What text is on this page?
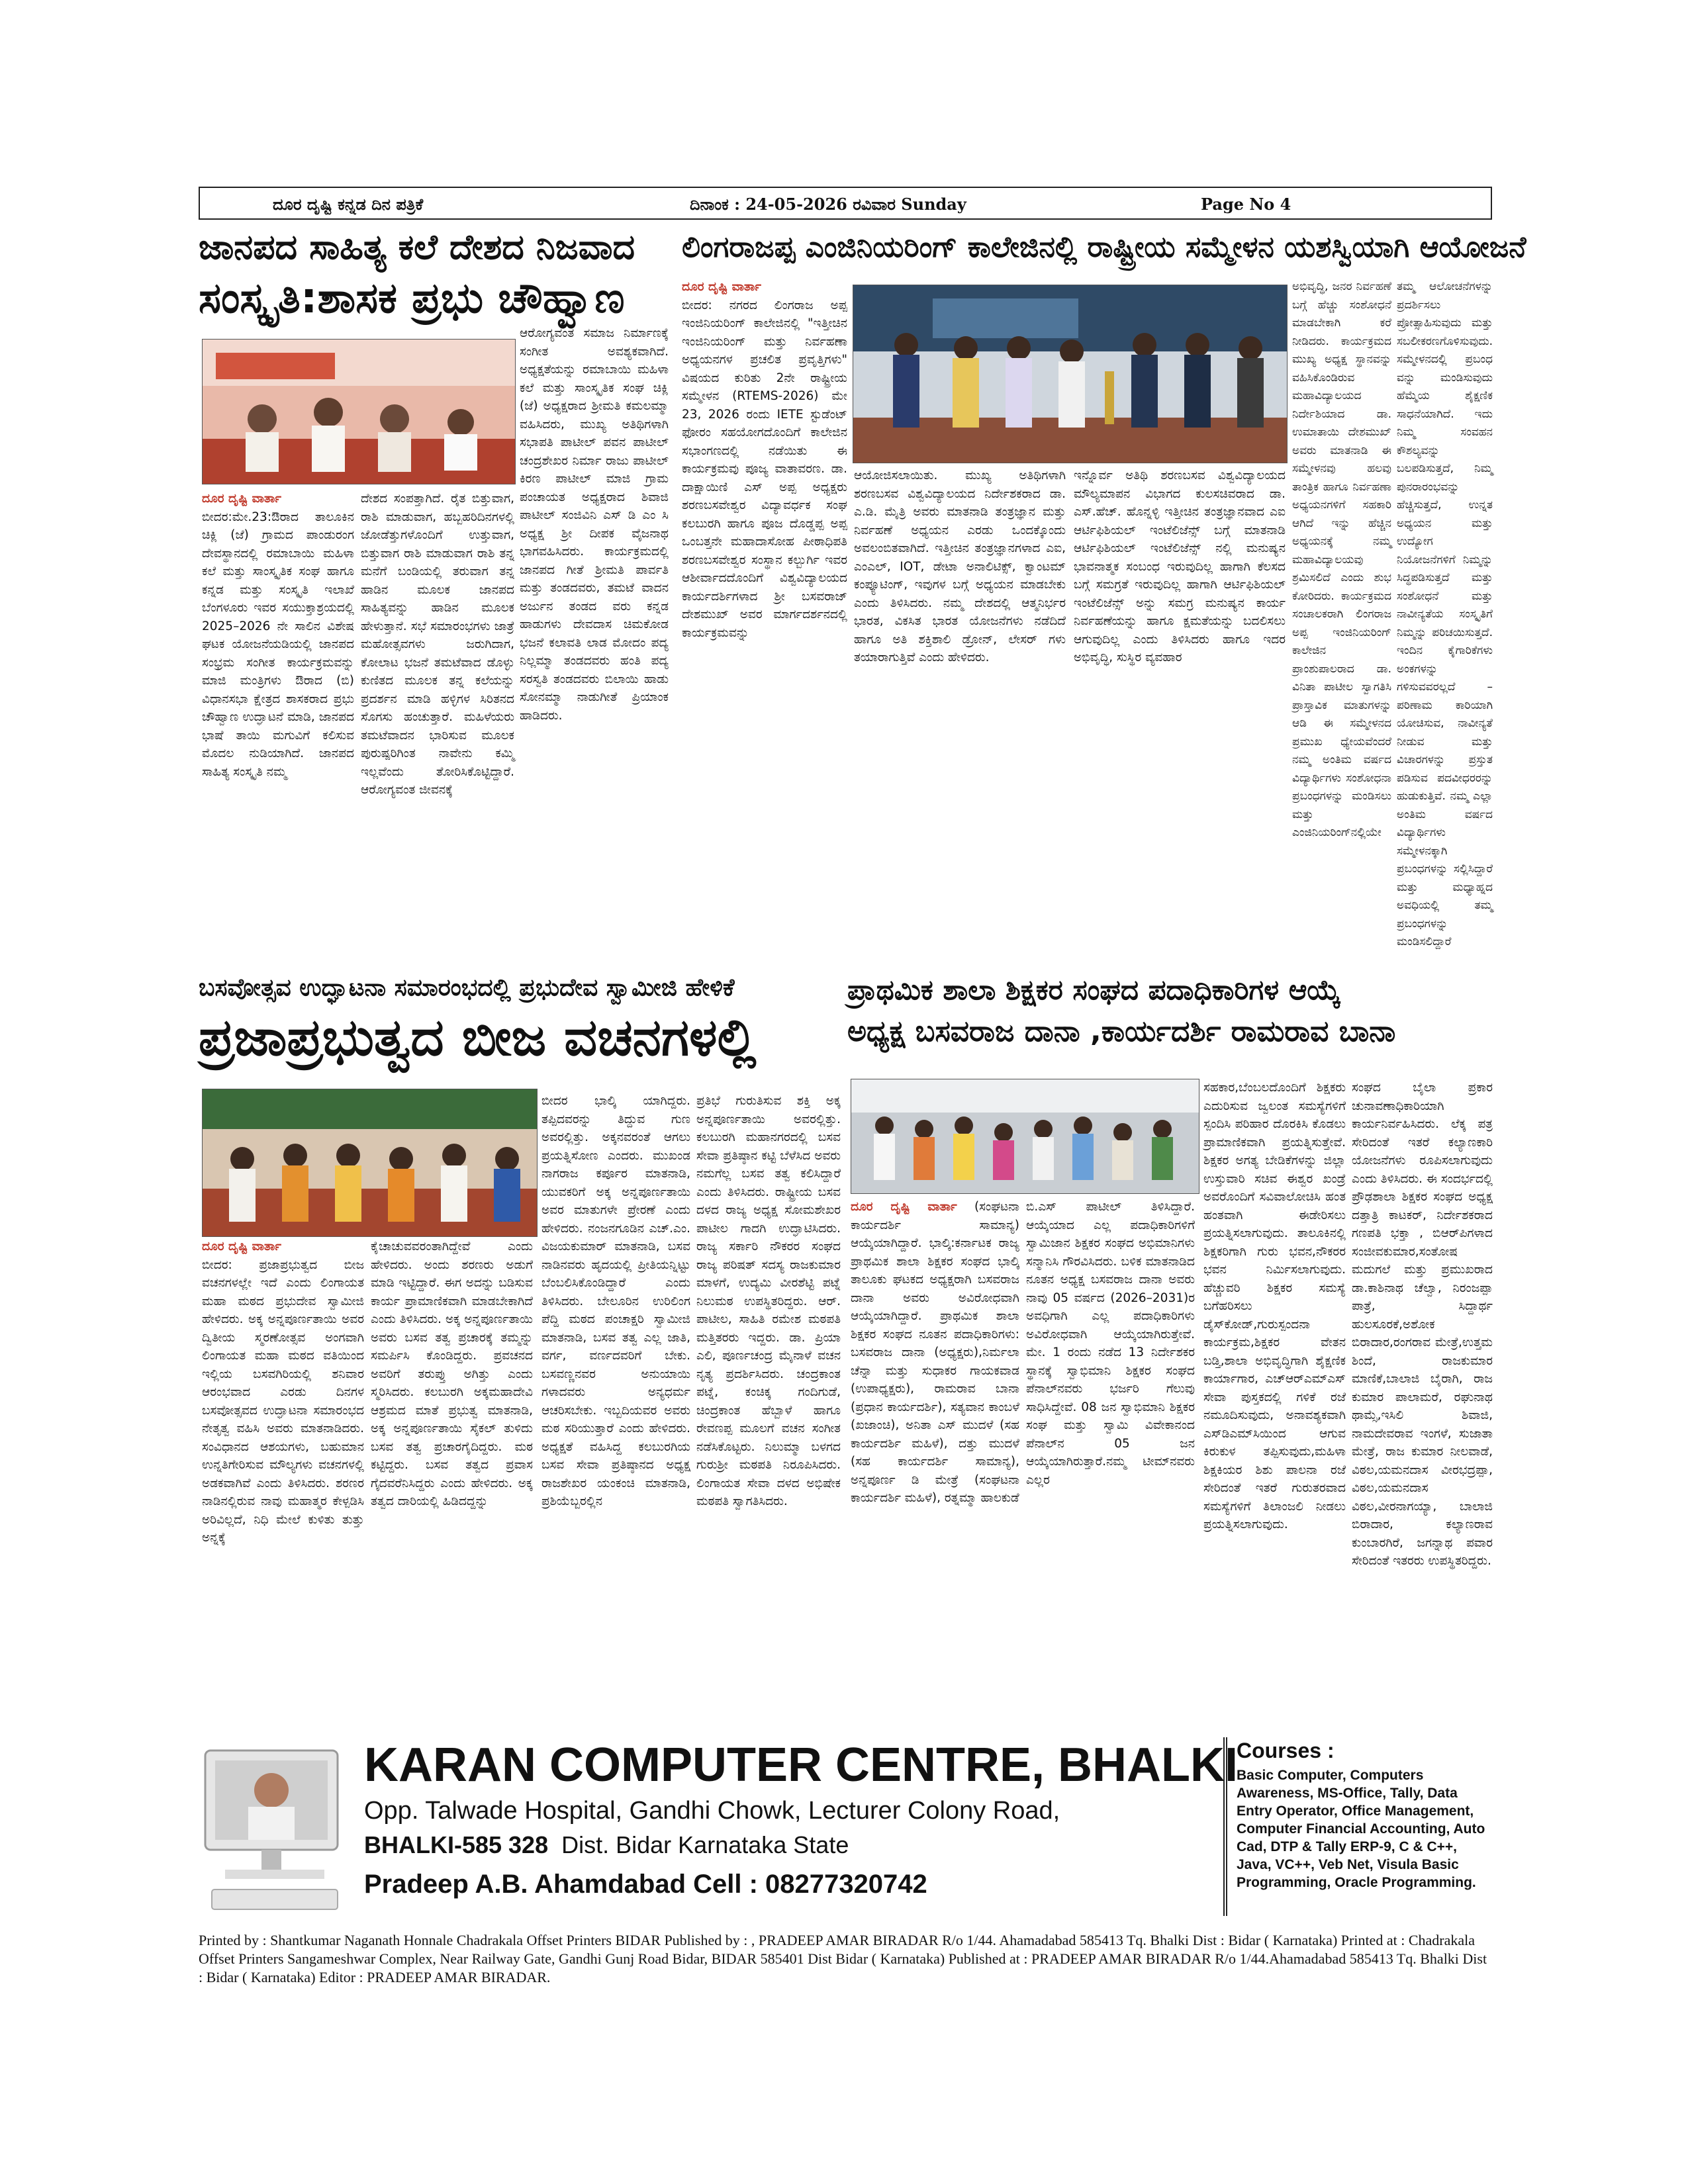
ದೂರ ದೃಷ್ಟಿ ಕನ್ನಡ ದಿನ ಪತ್ರಿಕೆ	ದಿನಾಂಕ : 24-05-2026 ರವಿವಾರ Sunday	Page No 4
ಜಾನಪದ ಸಾಹಿತ್ಯ ಕಲೆ ದೇಶದ ನಿಜವಾದ
ಸಂಸ್ಕೃತಿ:ಶಾಸಕ ಪ್ರಭು ಚೌಹ್ವಾಣ

ಆರೋಗ್ಯವಂತ ಸಮಾಜ ನಿರ್ಮಾಣಕ್ಕೆ ಸಂಗೀತ ಅವಶ್ಯಕವಾಗಿದೆ. ಅಧ್ಯಕ್ಷತೆಯನ್ನು ರಮಾಬಾಯಿ ಮಹಿಳಾ ಕಲೆ ಮತ್ತು ಸಾಂಸ್ಕೃತಿಕ ಸಂಘ ಚಿಕ್ಲಿ (ಜೆ) ಅಧ್ಯಕ್ಷರಾದ ಶ್ರೀಮತಿ ಕಮಲಮ್ಮಾ ವಹಿಸಿದರು, ಮುಖ್ಯ ಅತಿಥಿಗಳಾಗಿ ಸಭಾಪತಿ ಪಾಟೀಲ್ ಪವನ ಪಾಟೀಲ್ ಚಂದ್ರಶೇಖರ ನಿರ್ಮಾ ರಾಜು ಪಾಟೀಲ್ ಕಿರಣ ಪಾಟೀಲ್ ಮಾಜಿ ಗ್ರಾಮ ಪಂಚಾಯತ ಅಧ್ಯಕ್ಷರಾದ ಶಿವಾಜಿ ಪಾಟೀಲ್ ಸಂಜಿವಿನಿ ಎಸ್ ಡಿ ಎಂ ಸಿ ಅಧ್ಯಕ್ಷ ಶ್ರೀ ದೀಪಕ ವೈಜನಾಥ ಭಾಗವಹಿಸಿದರು. ಕಾರ್ಯಕ್ರಮದಲ್ಲಿ ಜಾನಪದ ಗೀತೆ ಶ್ರೀಮತಿ ಪಾರ್ವತಿ ಮತ್ತು ತಂಡದವರು, ತಮಟೆ ವಾದನ ಅರ್ಜುನ ತಂಡದ ವರು ಕನ್ನಡ ಹಾಡುಗಳು ದೇವದಾಸ ಚಿಮಕೋಡ ಭಜನೆ ಕಲಾವತಿ ಲಾಡ ಮೋದಂ ಪದ್ಯ ನಿಲ್ಲಮ್ಮಾ ತಂಡದವರು ಹಂತಿ ಪದ್ಯ ಸರಸ್ವತಿ ತಂಡದವರು ಬಿಲಾಯಿ ಹಾಡು ಸೋನಮ್ಮಾ ನಾಡುಗೀತೆ ಪ್ರಿಯಾಂಕ ಹಾಡಿದರು.

ದೂರ ದೃಷ್ಟಿ ವಾರ್ತಾ
ಬೀದರ:ಮೇ.23:ಔರಾದ ತಾಲೂಕಿನ ಚಿಕ್ಲಿ (ಜೆ) ಗ್ರಾಮದ ಪಾಂಡುರಂಗ ದೇವಸ್ಥಾನದಲ್ಲಿ ರಮಾಬಾಯಿ ಮಹಿಳಾ ಕಲೆ ಮತ್ತು ಸಾಂಸ್ಕೃತಿಕ ಸಂಘ ಹಾಗೂ ಕನ್ನಡ ಮತ್ತು ಸಂಸ್ಕೃತಿ ಇಲಾಖೆ ಬೆಂಗಳೂರು ಇವರ ಸಯುಕ್ತಾಶ್ರಯದಲ್ಲಿ 2025–2026 ನೇ ಸಾಲಿನ ವಿಶೇಷ ಘಟಕ ಯೋಜನೆಯಡಿಯಲ್ಲಿ ಜಾನಪದ ಸಂಭ್ರಮ ಸಂಗೀತ ಕಾರ್ಯಕ್ರಮವನ್ನು ಮಾಜಿ ಮಂತ್ರಿಗಳು ಔರಾದ (ಬಿ) ವಿಧಾನಸಭಾ ಕ್ಷೇತ್ರದ ಶಾಸಕರಾದ ಪ್ರಭು ಚೌಹ್ವಾಣ ಉದ್ಘಾಟನೆ ಮಾಡಿ, ಜಾನಪದ ಭಾಷೆ ತಾಯಿ ಮಗುವಿಗೆ ಕಲಿಸುವ ಮೊದಲ ನುಡಿಯಾಗಿದೆ. ಜಾನಪದ ಸಾಹಿತ್ಯ ಸಂಸ್ಕೃತಿ ನಮ್ಮ

ದೇಶದ ಸಂಪತ್ತಾಗಿದೆ. ರೈತ ಬಿತ್ತುವಾಗ, ರಾಶಿ ಮಾಡುವಾಗ, ಹಬ್ಬಹರಿದಿನಗಳಲ್ಲಿ ಜೋಡೆತ್ತುಗಳೊಂದಿಗೆ ಉತ್ತುವಾಗ, ಬಿತ್ತುವಾಗ ರಾಶಿ ಮಾಡುವಾಗ ರಾಶಿ ತನ್ನ ಮನೆಗೆ ಬಂಡಿಯಲ್ಲಿ ತರುವಾಗ ತನ್ನ ಹಾಡಿನ ಮೂಲಕ ಜಾನಪದ ಸಾಹಿತ್ಯವನ್ನು ಹಾಡಿನ ಮೂಲಕ ಹೇಳುತ್ತಾನೆ. ಸಭೆ ಸಮಾರಂಭಗಳು ಜಾತ್ರೆ ಮಹೋತ್ಸವಗಳು ಜರುಗಿದಾಗ, ಕೋಲಾಟ ಭಜನೆ ತಮಟೆವಾದ ಡೊಳ್ಳು ಕುಣಿತದ ಮೂಲಕ ತನ್ನ ಕಲೆಯನ್ನು ಪ್ರದರ್ಶನ ಮಾಡಿ ಹಳ್ಳಿಗಳ ಸಿರಿತನದ ಸೊಗಸು ಹಂಚುತ್ತಾರೆ. ಮಹಿಳೆಯರು ತಮಟೆವಾದನ ಭಾರಿಸುವ ಮೂಲಕ ಪುರುಷ್ಪರಿಗಿಂತ ನಾವೇನು ಕಮ್ಮಿ ಇಲ್ಲವೆಂದು ತೋರಿಸಿಕೊಟ್ಟಿದ್ದಾರೆ. ಆರೋಗ್ಯವಂತ ಜೀವನಕ್ಕೆ

ಲಿಂಗರಾಜಪ್ಪ ಎಂಜಿನಿಯರಿಂಗ್ ಕಾಲೇಜಿನಲ್ಲಿ ರಾಷ್ಟ್ರೀಯ ಸಮ್ಮೇಳನ ಯಶಸ್ವಿಯಾಗಿ ಆಯೋಜನೆ

ದೂರ ದೃಷ್ಟಿ ವಾರ್ತಾ
ಬೀದರ: ನಗರದ ಲಿಂಗರಾಜ ಅಪ್ಪ ಇಂಜಿನಿಯರಿಂಗ್ ಕಾಲೇಜಿನಲ್ಲಿ "ಇತ್ತೀಚಿನ ಇಂಜಿನಿಯರಿಂಗ್ ಮತ್ತು ನಿರ್ವಹಣಾ ಅಧ್ಯಯನಗಳ ಪ್ರಚಲಿತ ಪ್ರವೃತ್ತಿಗಳು" ವಿಷಯದ ಕುರಿತು 2ನೇ ರಾಷ್ಟ್ರೀಯ ಸಮ್ಮೇಳನ (RTEMS-2026) ಮೇ 23, 2026 ರಂದು IETE ಸ್ಟುಡೆಂಟ್ ಫೋರಂ ಸಹಯೋಗದೊಂದಿಗೆ ಕಾಲೇಜಿನ ಸಭಾಂಗಣದಲ್ಲಿ ನಡೆಯಿತು ಈ ಕಾರ್ಯಕ್ರಮವು ಪೂಜ್ಯ ವಾತಾವರಣ. ಡಾ. ದಾಕ್ಷಾಯಿಣಿ ಎಸ್ ಅಪ್ಪ ಅಧ್ಯಕ್ಷರು ಶರಣಬಸವೇಶ್ವರ ವಿದ್ಯಾವರ್ಧಕ ಸಂಘ ಕಲಬುರಗಿ ಹಾಗೂ ಪೂಜ ದೊಡ್ಡಪ್ಪ ಅಪ್ಪ ಒಂಬತ್ತನೇ ಮಹಾದಾಸೋಹ ಪೀಠಾಧಿಪತಿ ಶರಣಬಸವೇಶ್ವರ ಸಂಸ್ಥಾನ ಕಲ್ಬುರ್ಗಿ ಇವರ ಆಶೀರ್ವಾದದೊಂದಿಗೆ ವಿಶ್ವವಿದ್ಯಾಲಯದ ಕಾರ್ಯದರ್ಶಿಗಳಾದ ಶ್ರೀ ಬಸವರಾಜ್ ದೇಶಮುಖ್ ಅವರ ಮಾರ್ಗದರ್ಶನದಲ್ಲಿ ಕಾರ್ಯಕ್ರಮವನ್ನು

ಆಯೋಜಿಸಲಾಯಿತು. ಮುಖ್ಯ ಅತಿಥಿಗಳಾಗಿ ಶರಣಬಸವ ವಿಶ್ವವಿದ್ಯಾಲಯದ ನಿರ್ದೇಶಕರಾದ ಡಾ. ಎ.ಡಿ. ಮೈತ್ರಿ ಅವರು ಮಾತನಾಡಿ ತಂತ್ರಜ್ಞಾನ ಮತ್ತು ನಿರ್ವಹಣೆ ಅಧ್ಯಯನ ಎರಡು ಒಂದಕ್ಕೊಂದು ಅವಲಂಬಿತವಾಗಿದೆ. ಇತ್ತೀಚಿನ ತಂತ್ರಜ್ಞಾನಗಳಾದ ಎಐ, ಎಂಎಲ್, IOT, ಡೇಟಾ ಅನಾಲಿಟಿಕ್ಸ್, ಕ್ವಾಂಟಮ್ ಕಂಪ್ಯೂಟಿಂಗ್, ಇವುಗಳ ಬಗ್ಗೆ ಅಧ್ಯಯನ ಮಾಡಬೇಕು ಎಂದು ತಿಳಿಸಿದರು. ನಮ್ಮ ದೇಶದಲ್ಲಿ ಆತ್ಮನಿರ್ಭರ ಭಾರತ, ವಿಕಸಿತ ಭಾರತ ಯೋಜನೆಗಳು ನಡೆದಿದೆ ಹಾಗೂ ಅತಿ ಶಕ್ತಿಶಾಲಿ ಡ್ರೋನ್, ಲೇಸರ್ ಗಳು ತಯಾರಾಗುತ್ತಿವೆ ಎಂದು ಹೇಳಿದರು.

ಇನ್ನೊರ್ವ ಅತಿಥಿ ಶರಣಬಸವ ವಿಶ್ವವಿದ್ಯಾಲಯದ ಮೌಲ್ಯಮಾಪನ ವಿಭಾಗದ ಕುಲಸಚಿವರಾದ ಡಾ. ಎಸ್.ಹೆಚ್. ಹೊನ್ನಳ್ಳಿ ಇತ್ತೀಚಿನ ತಂತ್ರಜ್ಞಾನವಾದ ಎಐ ಆರ್ಟಿಫಿಶಿಯಲ್ ಇಂಟೆಲಿಜೆನ್ಸ್ ಬಗ್ಗೆ ಮಾತನಾಡಿ ಆರ್ಟಿಫಿಶಿಯಲ್ ಇಂಟೆಲಿಜೆನ್ಸ್ ನಲ್ಲಿ ಮನುಷ್ಯನ ಭಾವನಾತ್ಮಕ ಸಂಬಂಧ ಇರುವುದಿಲ್ಲ ಹಾಗಾಗಿ ಕೆಲಸದ ಬಗ್ಗೆ ಸಮಗ್ರತೆ ಇರುವುದಿಲ್ಲ ಹಾಗಾಗಿ ಆರ್ಟಿಫಿಶಿಯಲ್ ಇಂಟೆಲಿಜೆನ್ಸ್ ಅನ್ನು ಸಮಗ್ರ ಮನುಷ್ಯನ ಕಾರ್ಯ ನಿರ್ವಹಣೆಯನ್ನು ಹಾಗೂ ಕ್ಷಮತೆಯನ್ನು ಬದಲಿಸಲು ಆಗುವುದಿಲ್ಲ ಎಂದು ತಿಳಿಸಿದರು ಹಾಗೂ ಇದರ ಅಭಿವೃದ್ಧಿ, ಸುಸ್ಥಿರ ವ್ಯವಹಾರ

ಅಭಿವೃದ್ಧಿ, ಜನರ ನಿರ್ವಹಣೆ ಬಗ್ಗೆ ಹೆಚ್ಚು ಸಂಶೋಧನೆ ಮಾಡಬೇಕಾಗಿ ಕರೆ ನೀಡಿದರು. ಕಾರ್ಯಕ್ರಮದ ಮುಖ್ಯ ಅಧ್ಯಕ್ಷ ಸ್ಥಾನವನ್ನು ವಹಿಸಿಕೊಂಡಿರುವ ಮಹಾವಿದ್ಯಾಲಯದ ನಿರ್ದೇಶಿಯಾದ ಡಾ. ಉಮಾತಾಯಿ ದೇಶಮುಖ್ ಅವರು ಮಾತನಾಡಿ ಈ ಸಮ್ಮೇಳನವು ಹಲವು ತಾಂತ್ರಿಕ ಹಾಗೂ ನಿರ್ವಹಣಾ ಅಧ್ಯಯನಗಳಿಗೆ ಸಹಕಾರಿ ಆಗಿದೆ ಇನ್ನು ಹೆಚ್ಚಿನ ಅಧ್ಯಯನಕ್ಕೆ ನಮ್ಮ ಮಹಾವಿದ್ಯಾಲಯವು ಶ್ರಮಿಸಲಿದೆ ಎಂದು ಶುಭ ಕೋರಿದರು. ಕಾರ್ಯಕ್ರಮದ ಸಂಚಾಲಕರಾಗಿ ಲಿಂಗರಾಜ ಅಪ್ಪ ಇಂಜಿನಿಯರಿಂಗ್ ಕಾಲೇಜಿನ ಪ್ರಾಂಶುಪಾಲರಾದ ಡಾ. ವಿನಿತಾ ಪಾಟೀಲ ಸ್ವಾಗತಿಸಿ ಪ್ರಾಸ್ತಾವಿಕ ಮಾತುಗಳನ್ನು ಆಡಿ ಈ ಸಮ್ಮೇಳನದ ಪ್ರಮುಖ ಧ್ಯೇಯವೆಂದರೆ ನಮ್ಮ ಅಂತಿಮ ವರ್ಷದ ವಿದ್ಯಾರ್ಥಿಗಳು ಸಂಶೋಧನಾ ಪ್ರಬಂಧಗಳನ್ನು ಮಂಡಿಸಲು ಮತ್ತು ಎಂಜಿನಿಯರಿಂಗ್‌ನಲ್ಲಿಯೇ

ತಮ್ಮ ಆಲೋಚನೆಗಳನ್ನು ಪ್ರದರ್ಶಿಸಲು ಪ್ರೋತ್ಸಾಹಿಸುವುದು ಮತ್ತು ಸಬಲೀಕರಣಗೊಳಿಸುವುದು. ಸಮ್ಮೇಳನದಲ್ಲಿ ಪ್ರಬಂಧ ವನ್ನು ಮಂಡಿಸುವುದು ಹೆಮ್ಮೆಯ ಶೈಕ್ಷಣಿಕ ಸಾಧನೆಯಾಗಿದೆ. ಇದು ನಿಮ್ಮ ಸಂವಹನ ಕೌಶಲ್ಯವನ್ನು ಬಲಪಡಿಸುತ್ತದೆ, ನಿಮ್ಮ ಪುನರಾರಂಭವನ್ನು ಹೆಚ್ಚಿಸುತ್ತದೆ, ಉನ್ನತ ಅಧ್ಯಯನ ಮತ್ತು ಉದ್ಯೋಗ ನಿಯೋಜನೆಗಳಿಗೆ ನಿಮ್ಮನ್ನು ಸಿದ್ಧಪಡಿಸುತ್ತದೆ ಮತ್ತು ಸಂಶೋಧನೆ ಮತ್ತು ನಾವೀನ್ಯತೆಯ ಸಂಸ್ಕೃತಿಗೆ ನಿಮ್ಮನ್ನು ಪರಿಚಯಿಸುತ್ತದೆ. ಇಂದಿನ ಕೈಗಾರಿಕೆಗಳು ಅಂಕಗಳನ್ನು ಗಳಿಸುವವರಲ್ಲದೆ – ಪರಿಣಾಮ ಕಾರಿಯಾಗಿ ಯೋಚಿಸುವ, ನಾವೀನ್ಯತೆ ನೀಡುವ ಮತ್ತು ವಿಚಾರಗಳನ್ನು ಪ್ರಸ್ತುತ ಪಡಿಸುವ ಪದವೀಧರರನ್ನು ಹುಡುಕುತ್ತಿವೆ. ನಮ್ಮ ಎಲ್ಲಾ ಅಂತಿಮ ವರ್ಷದ ವಿದ್ಯಾರ್ಥಿಗಳು ಸಮ್ಮೇಳನಕ್ಕಾಗಿ ಪ್ರಬಂಧಗಳನ್ನು ಸಲ್ಲಿಸಿದ್ದಾರೆ ಮತ್ತು ಮಧ್ಯಾಹ್ನದ ಅವಧಿಯಲ್ಲಿ ತಮ್ಮ ಪ್ರಬಂಧಗಳನ್ನು ಮಂಡಿಸಲಿದ್ದಾರೆ

ಬಸವೋತ್ಸವ ಉದ್ಘಾಟನಾ ಸಮಾರಂಭದಲ್ಲಿ ಪ್ರಭುದೇವ ಸ್ವಾಮೀಜಿ ಹೇಳಿಕೆ
ಪ್ರಜಾಪ್ರಭುತ್ವದ ಬೀಜ ವಚನಗಳಲ್ಲಿ

ದೂರ ದೃಷ್ಟಿ ವಾರ್ತಾ
ಬೀದರ: ಪ್ರಜಾಪ್ರಭುತ್ವದ ಬೀಜ ವಚನಗಳಲ್ಲೇ ಇದೆ ಎಂದು ಲಿಂಗಾಯತ ಮಹಾ ಮಠದ ಪ್ರಭುದೇವ ಸ್ವಾಮೀಜಿ ಹೇಳಿದರು. ಅಕ್ಕ ಅನ್ನಪೂರ್ಣತಾಯಿ ಅವರ ದ್ವಿತೀಯ ಸ್ಮರಣೋತ್ಸವ ಅಂಗವಾಗಿ ಲಿಂಗಾಯತ ಮಹಾ ಮಠದ ವತಿಯಿಂದ ಇಲ್ಲಿಯ ಬಸವಗಿರಿಯಲ್ಲಿ ಶನಿವಾರ ಆರಂಭವಾದ ಎರಡು ದಿನಗಳ ಬಸವೋತ್ಸವದ ಉದ್ಘಾಟನಾ ಸಮಾರಂಭದ ನೇತೃತ್ವ ವಹಿಸಿ ಅವರು ಮಾತನಾಡಿದರು. ಸಂವಿಧಾನದ ಆಶಯಗಳು, ಬಹುಮಾನ ಉನ್ನತಿಗೇರಿಸುವ ಮೌಲ್ಯಗಳು ವಚನಗಳಲ್ಲಿ ಅಡಕವಾಗಿವೆ ಎಂದು ತಿಳಿಸಿದರು. ಶರಣರ ನಾಡಿನಲ್ಲಿರುವ ನಾವು ಮಹಾತ್ಮರ ಕೇಳ್ಪಡಿಸಿ ಅರಿವಿಲ್ಲದೆ, ನಿಧಿ ಮೇಲೆ ಕುಳಿತು ತುತ್ತು ಅನ್ನಕ್ಕೆ

ಕೈಚಾಚುವವರಂತಾಗಿದ್ದೇವೆ ಎಂದು ಹೇಳಿದರು. ಅಂದು ಶರಣರು ಅಡುಗೆ ಮಾಡಿ ಇಟ್ಟಿದ್ದಾರೆ. ಈಗ ಅದನ್ನು ಬಡಿಸುವ ಕಾರ್ಯ ಪ್ರಾಮಾಣಿಕವಾಗಿ ಮಾಡಬೇಕಾಗಿದೆ ಎಂದು ತಿಳಿಸಿದರು. ಅಕ್ಕ ಅನ್ನಪೂರ್ಣತಾಯಿ ಅವರು ಬಸವ ತತ್ವ ಪ್ರಚಾರಕ್ಕೆ ತಮ್ಮನ್ನು ಸಮರ್ಪಿಸಿ ಕೊಂಡಿದ್ದರು. ಪ್ರವಚನದ ಅವರಿಗೆ ತರುಪ್ತು ಅಗಿತ್ತು ಎಂದು ಸ್ಮರಿಸಿದರು. ಕಲಬುರಗಿ ಅಕ್ಕಮಹಾದೇವಿ ಆಶ್ರಮದ ಮಾತೆ ಪ್ರಭುತ್ವ ಮಾತನಾಡಿ, ಅಕ್ಕ ಅನ್ನಪೂರ್ಣತಾಯಿ ಸೈಕಲ್ ತುಳಿದು ಬಸವ ತತ್ವ ಪ್ರಚಾರಗೈದಿದ್ದರು. ಮಠ ಕಟ್ಟಿದ್ದರು. ಬಸವ ತತ್ವದ ಪ್ರವಾಸ ಗೈದವರೆನಿಸಿದ್ದರು ಎಂದು ಹೇಳಿದರು. ಅಕ್ಕ ತತ್ವದ ದಾರಿಯಲ್ಲಿ ಹಿಡಿದದ್ದನ್ನು

ಬೀದರ ಭಾಲ್ಕಿ ಯಾಗಿದ್ದರು. ತಪ್ಪಿದವರನ್ನು ತಿದ್ದುವ ಗುಣ ಅವರಲ್ಲಿತ್ತು. ಅಕ್ಕನವರಂತೆ ಆಗಲು ಪ್ರಯತ್ನಿಸೋಣ ಎಂದರು. ಮುಖಂಡ ನಾಗರಾಜ ಕರ್ಪೂರ ಮಾತನಾಡಿ, ಯುವಕರಿಗೆ ಅಕ್ಕ ಅನ್ನಪೂರ್ಣತಾಯಿ ಅವರ ಮಾತುಗಳೇ ಪ್ರೇರಣೆ ಎಂದು ಹೇಳಿದರು. ನಂಜನಗೂಡಿನ ಎಚ್.ಎಂ. ವಿಜಯಕುಮಾರ್ ಮಾತನಾಡಿ, ಬಸವ ನಾಡಿನವರು ಹೃದಯಲ್ಲಿ ಪ್ರೀತಿಯನ್ನಿಟ್ಟು ಬೆಂಬಲಿಸಿಕೊಂಡಿದ್ದಾರೆ ಎಂದು ತಿಳಿಸಿದರು. ಬೇಲೂರಿನ ಉರಿಲಿಂಗ ಪೆದ್ದಿ ಮಠದ ಪಂಚಾಕ್ಷರಿ ಸ್ವಾಮೀಜಿ ಮಾತನಾಡಿ, ಬಸವ ತತ್ವ ಎಲ್ಲ ಜಾತಿ, ವರ್ಗ, ವರ್ಣದವರಿಗೆ ಬೇಕು. ಬಸವಣ್ಣನವರ ಅನುಯಾಯಿ ಗಳಾದವರು ಅನ್ಯಧರ್ಮ ಆಚರಿಸಬೇಕು. ಇಬ್ಬದಿಯವರ ಅವರು ಮಠ ಸರಿಯುತ್ತಾರೆ ಎಂದು ಹೇಳಿದರು. ಅಧ್ಯಕ್ಷತೆ ವಹಿಸಿದ್ದ ಕಲಬುರಗಿಯ ಬಸವ ಸೇವಾ ಪ್ರತಿಷ್ಠಾನದ ಅಧ್ಯಕ್ಷ ರಾಜಶೇಖರ ಯಂಕಂಚಿ ಮಾತನಾಡಿ, ಪ್ರಶಿಯೆಬ್ಬರಲ್ಲಿನ

ಪ್ರತಿಭೆ ಗುರುತಿಸುವ ಶಕ್ತಿ ಅಕ್ಕ ಅನ್ನಪೂರ್ಣತಾಯಿ ಅವರಲ್ಲಿತ್ತು. ಕಲಬುರಗಿ ಮಹಾನಗರದಲ್ಲಿ ಬಸವ ಸೇವಾ ಪ್ರತಿಷ್ಠಾನ ಕಟ್ಟಿ ಬೆಳೆಸಿದ ಅವರು ನಮಗೆಲ್ಲ ಬಸವ ತತ್ವ ಕಲಿಸಿದ್ದಾರೆ ಎಂದು ತಿಳಿಸಿದರು. ರಾಷ್ಟ್ರೀಯ ಬಸವ ದಳದ ರಾಜ್ಯ ಅಧ್ಯಕ್ಷ ಸೋಮಶೇಖರ ಪಾಟೀಲ ಗಾದಗಿ ಉದ್ಘಾಟಿಸಿದರು. ರಾಜ್ಯ ಸರ್ಕಾರಿ ನೌಕರರ ಸಂಘದ ರಾಜ್ಯ ಪರಿಷತ್ ಸದಸ್ಯ ರಾಜಕುಮಾರ ಮಾಳಗೆ, ಉದ್ಯಮಿ ವೀರಶೆಟ್ಟಿ ಪಟ್ನೆ ನಿಲುಮಠ ಉಪಸ್ಥಿತರಿದ್ದರು. ಆರ್. ಪಾಟೀಲ, ಸಾಹಿತಿ ರಮೇಶ ಮಠಪತಿ ಮತ್ತಿತರರು ಇದ್ದರು. ಡಾ. ಪ್ರಿಯಾ ಎಲಿ, ಪೂರ್ಣಚಂದ್ರ ಮೈನಾಳೆ ವಚನ ನೃತ್ಯ ಪ್ರದರ್ಶಿಸಿದರು. ಚಂದ್ರಕಾಂತ ಪಟ್ನೆ, ಕಂಚಿಕ್ಕ ಗಂದಿಗುಡೆ, ಚಿಂದ್ರಕಾಂತ ಹೆಬ್ಬಾಳೆ ಹಾಗೂ ರೇವಣಪ್ಪ ಮೂಲಗೆ ವಚನ ಸಂಗೀತ ನಡೆಸಿಕೊಟ್ಟರು. ನಿಲುಮ್ಮಾ ಬಳಗದ ಗುರುಶ್ರೀ ಮಠಪತಿ ನಿರೂಪಿಸಿದರು. ಲಿಂಗಾಯತ ಸೇವಾ ದಳದ ಅಭಿಷೇಕ ಮಠಪತಿ ಸ್ವಾಗತಿಸಿದರು.

ಪ್ರಾಥಮಿಕ ಶಾಲಾ ಶಿಕ್ಷಕರ ಸಂಘದ ಪದಾಧಿಕಾರಿಗಳ ಆಯ್ಕೆ
ಅಧ್ಯಕ್ಷ ಬಸವರಾಜ ದಾನಾ ,ಕಾರ್ಯದರ್ಶಿ ರಾಮರಾವ ಬಾನಾ

ದೂರ ದೃಷ್ಟಿ ವಾರ್ತಾ (ಸಂಘಟನಾ ಕಾರ್ಯದರ್ಶಿ ಸಾಮಾನ್ಯ) ಆಯ್ಕೆಯಾಗಿದ್ದಾರೆ. ಭಾಲ್ಕಿ:ಕರ್ನಾಟಕ ರಾಜ್ಯ ಪ್ರಾಥಮಿಕ ಶಾಲಾ ಶಿಕ್ಷಕರ ಸಂಘದ ಭಾಲ್ಕಿ ತಾಲೂಕು ಘಟಕದ ಅಧ್ಯಕ್ಷರಾಗಿ ಬಸವರಾಜ ದಾನಾ ಅವರು ಅವಿರೋಧವಾಗಿ ಆಯ್ಕೆಯಾಗಿದ್ದಾರೆ. ಪ್ರಾಥಮಿಕ ಶಾಲಾ ಶಿಕ್ಷಕರ ಸಂಘದ ನೂತನ ಪದಾಧಿಕಾರಿಗಳು: ಬಸವರಾಜ ದಾನಾ (ಅಧ್ಯಕ್ಷರು),ನಿರ್ಮಲಾ ಚೆನ್ನಾ ಮತ್ತು ಸುಧಾಕರ ಗಾಯಕವಾಡ (ಉಪಾಧ್ಯಕ್ಷರು), ರಾಮರಾವ ಬಾನಾ (ಪ್ರಧಾನ ಕಾರ್ಯದರ್ಶಿ), ಸತ್ಯವಾನ ಕಾಂಬಳೆ (ಖಜಾಂಚಿ), ಅನಿತಾ ಎಸ್ ಮುದಳೆ (ಸಹ ಕಾರ್ಯದರ್ಶಿ ಮಹಿಳೆ), ದತ್ತು ಮುದಳೆ (ಸಹ ಕಾರ್ಯದರ್ಶಿ ಸಾಮಾನ್ಯ), ಅನ್ನಪೂರ್ಣ ಡಿ ಮೇತ್ರೆ (ಸಂಘಟನಾ ಕಾರ್ಯದರ್ಶಿ ಮಹಿಳೆ), ರತ್ನಮ್ಮಾ ಹಾಲಕುಡೆ

ಬಿ.ಎಸ್ ಪಾಟೀಲ್ ತಿಳಿಸಿದ್ದಾರೆ. ಆಯ್ಕೆಯಾದ ಎಲ್ಲ ಪದಾಧಿಕಾರಿಗಳಿಗೆ ಸ್ವಾಮಿಜಾನ ಶಿಕ್ಷಕರ ಸಂಘದ ಅಭಿಮಾನಿಗಳು ಸನ್ಮಾನಿಸಿ ಗೌರವಿಸಿದರು. ಬಳಿಕ ಮಾತನಾಡಿದ ನೂತನ ಅಧ್ಯಕ್ಷ ಬಸವರಾಜ ದಾನಾ ಅವರು ನಾವು 05 ವರ್ಷದ (2026–2031)ರ ಅವಧಿಗಾಗಿ ಎಲ್ಲ ಪದಾಧಿಕಾರಿಗಳು ಅವಿರೋಧವಾಗಿ ಆಯ್ಕೆಯಾಗಿರುತ್ತೇವೆ. ಮೇ. 1 ರಂದು ನಡೆದ 13 ನಿರ್ದೇಶಕರ ಸ್ಥಾನಕ್ಕೆ ಸ್ವಾಭಿಮಾನಿ ಶಿಕ್ಷಕರ ಸಂಘದ ಪೆನಾಲ್‌ನವರು ಭರ್ಜರಿ ಗೆಲುವು ಸಾಧಿಸಿದ್ದೇವೆ. 08 ಜನ ಸ್ವಾಭಿಮಾನಿ ಶಿಕ್ಷಕರ ಸಂಘ ಮತ್ತು ಸ್ವಾಮಿ ವಿವೇಕಾನಂದ ಪೆನಾಲ್‌ನ 05 ಜನ ಆಯ್ಕೆಯಾಗಿರುತ್ತಾರೆ.ನಮ್ಮ ಟೀಮ್‌ನವರು ಎಲ್ಲರ

ಸಹಕಾರ,ಬೆಂಬಲದೊಂದಿಗೆ ಶಿಕ್ಷಕರು ಎದುರಿಸುವ ಜ್ವಲಂತ ಸಮಸ್ಯೆಗಳಿಗೆ ಸ್ಪಂದಿಸಿ ಪರಿಹಾರ ದೊರಕಿಸಿ ಕೊಡಲು ಪ್ರಾಮಾಣಿಕವಾಗಿ ಪ್ರಯತ್ನಿಸುತ್ತೇವೆ. ಶಿಕ್ಷಕರ ಅಗತ್ಯ ಬೇಡಿಕೆಗಳನ್ನು ಜಿಲ್ಲಾ ಉಸ್ತುವಾರಿ ಸಚಿವ ಈಶ್ವರ ಖಂಡ್ರೆ ಅವರೊಂದಿಗೆ ಸವಿವಾಲೋಚಿಸಿ ಹಂತ ಹಂತವಾಗಿ ಈಡೇರಿಸಲು ಪ್ರಯತ್ನಿಸಲಾಗುವುದು. ತಾಲೂಕಿನಲ್ಲಿ ಶಿಕ್ಷಕರಿಗಾಗಿ ಗುರು ಭವನ,ನೌಕರರ ಭವನ ನಿರ್ಮಿಸಲಾಗುವುದು. ಹೆಚ್ಚುವರಿ ಶಿಕ್ಷಕರ ಸಮಸ್ಯೆ ಬಗೆಹರಿಸಲು ಡೈಸ್‌ಕೋಡ್,ಗುರುಸ್ಪಂದನಾ ಕಾರ್ಯಕ್ರಮ,ಶಿಕ್ಷಕರ ವೇತನ ಬಡ್ತಿ,ಶಾಲಾ ಅಭಿವೃದ್ಧಿಗಾಗಿ ಶೈಕ್ಷಣಿಕ ಕಾರ್ಯಾಗಾರ, ಎಚ್‌ಆರ್‌ಎಮ್‌ಎಸ್ ಸೇವಾ ಪುಸ್ತಕದಲ್ಲಿ ಗಳಿಕೆ ರಜೆ ನಮೂದಿಸುವುದು, ಅನಾವಶ್ಯಕವಾಗಿ ಎಸ್‌ಡಿಎಮ್‌ಸಿಯಿಂದ ಆಗುವ ಕಿರುಕುಳ ತಪ್ಪಿಸುವುದು,ಮಹಿಳಾ ಶಿಕ್ಷಕಿಯರ ಶಿಶು ಪಾಲನಾ ರಜೆ ಸೇರಿದಂತೆ ಇತರೆ ಗುರುತರವಾದ ಸಮಸ್ಯೆಗಳಿಗೆ ತಿಲಾಂಜಲಿ ನೀಡಲು ಪ್ರಯತ್ನಿಸಲಾಗುವುದು.

ಸಂಘದ ಬೈಲಾ ಪ್ರಕಾರ ಚುನಾವಣಾಧಿಕಾರಿಯಾಗಿ ಕಾರ್ಯನಿರ್ವಹಿಸಿದರು. ಲೆಕ್ಕ ಪತ್ರ ಸೇರಿದಂತೆ ಇತರೆ ಕಲ್ಯಾಣಕಾರಿ ಯೋಜನೆಗಳು ರೂಪಿಸಲಾಗುವುದು ಎಂದು ತಿಳಿಸಿದರು. ಈ ಸಂದರ್ಭದಲ್ಲಿ ಪ್ರೌಢಶಾಲಾ ಶಿಕ್ಷಕರ ಸಂಘದ ಅಧ್ಯಕ್ಷ ದತ್ತಾತ್ರಿ ಕಾಟಕರ್, ನಿರ್ದೇಶಕರಾದ ಗಣಪತಿ ಭಕ್ತಾ , ಬಿಆರ್‌ಪಿಗಳಾದ ಸಂಜೀವಕುಮಾರ,ಸಂತೋಷ ಮದುಗಲೆ ಮತ್ತು ಪ್ರಮುಖರಾದ ಡಾ.ಕಾಶಿನಾಥ ಚೆಲ್ವಾ, ನಿರಂಜಪ್ಪಾ ಪಾತ್ರೆ, ಸಿದ್ದಾರ್ಥ ಹುಲಸೂರಕೆ,ಅಶೋಕ ಬಿರಾದಾರ,ರಂಗರಾವ ಮೇತ್ರೆ,ಉತ್ತಮ ಶಿಂದೆ, ರಾಜಕುಮಾರ ಮಾಣಿಕೆ,ಬಾಲಾಜಿ ಬೈರಾಗಿ, ರಾಜ ಕುಮಾರ ಪಾಲಾಮರೆ, ರಘುನಾಥ ಥಾಮ್ಸೆ,ಇಸಿಲಿ ಶಿವಾಜಿ, ನಾಮದೇವರಾವ ಇಂಗಳೆ, ಸುಜಾತಾ ಮೇತ್ರೆ, ರಾಜ ಕುಮಾರ ನೀಲವಾಡೆ, ವಿಠಲ,ಯಮನದಾಸ ವೀರಭದ್ರಪ್ಪಾ, ವಿಠಲ,ಯಮನದಾಸ ವಿಠಲ,ವೀರನಾಗಯ್ಯಾ, ಬಾಲಾಜಿ ಬಿರಾದಾರ, ಕಲ್ಯಾಣರಾವ ಕುಂಬಾರಗಿರೆ, ಜಗನ್ನಾಥ ಪವಾರ ಸೇರಿದಂತೆ ಇತರರು ಉಪಸ್ಥಿತರಿದ್ದರು.

KARAN COMPUTER CENTRE, BHALKI
Opp. Talwade Hospital, Gandhi Chowk, Lecturer Colony Road,
BHALKI-585 328 Dist. Bidar Karnataka State
Pradeep A.B. Ahamdabad Cell : 08277320742
Courses :
Basic Computer, Computers Awareness, MS-Office, Tally, Data Entry Operator, Office Management, Computer Financial Accounting, Auto Cad, DTP & Tally ERP-9, C & C++, Java, VC++, Veb Net, Visula Basic Programming, Oracle Programming.
Printed by : Shantkumar Naganath Honnale Chadrakala Offset Printers BIDAR Published by : , PRADEEP AMAR BIRADAR R/o 1/44. Ahamadabad 585413 Tq. Bhalki Dist : Bidar ( Karnataka) Printed at : Chadrakala Offset Printers Sangameshwar Complex, Near Railway Gate, Gandhi Gunj Road Bidar, BIDAR 585401 Dist Bidar ( Karnataka) Published at : PRADEEP AMAR BIRADAR R/o 1/44.Ahamadabad 585413 Tq. Bhalki Dist : Bidar ( Karnataka) Editor : PRADEEP AMAR BIRADAR.
